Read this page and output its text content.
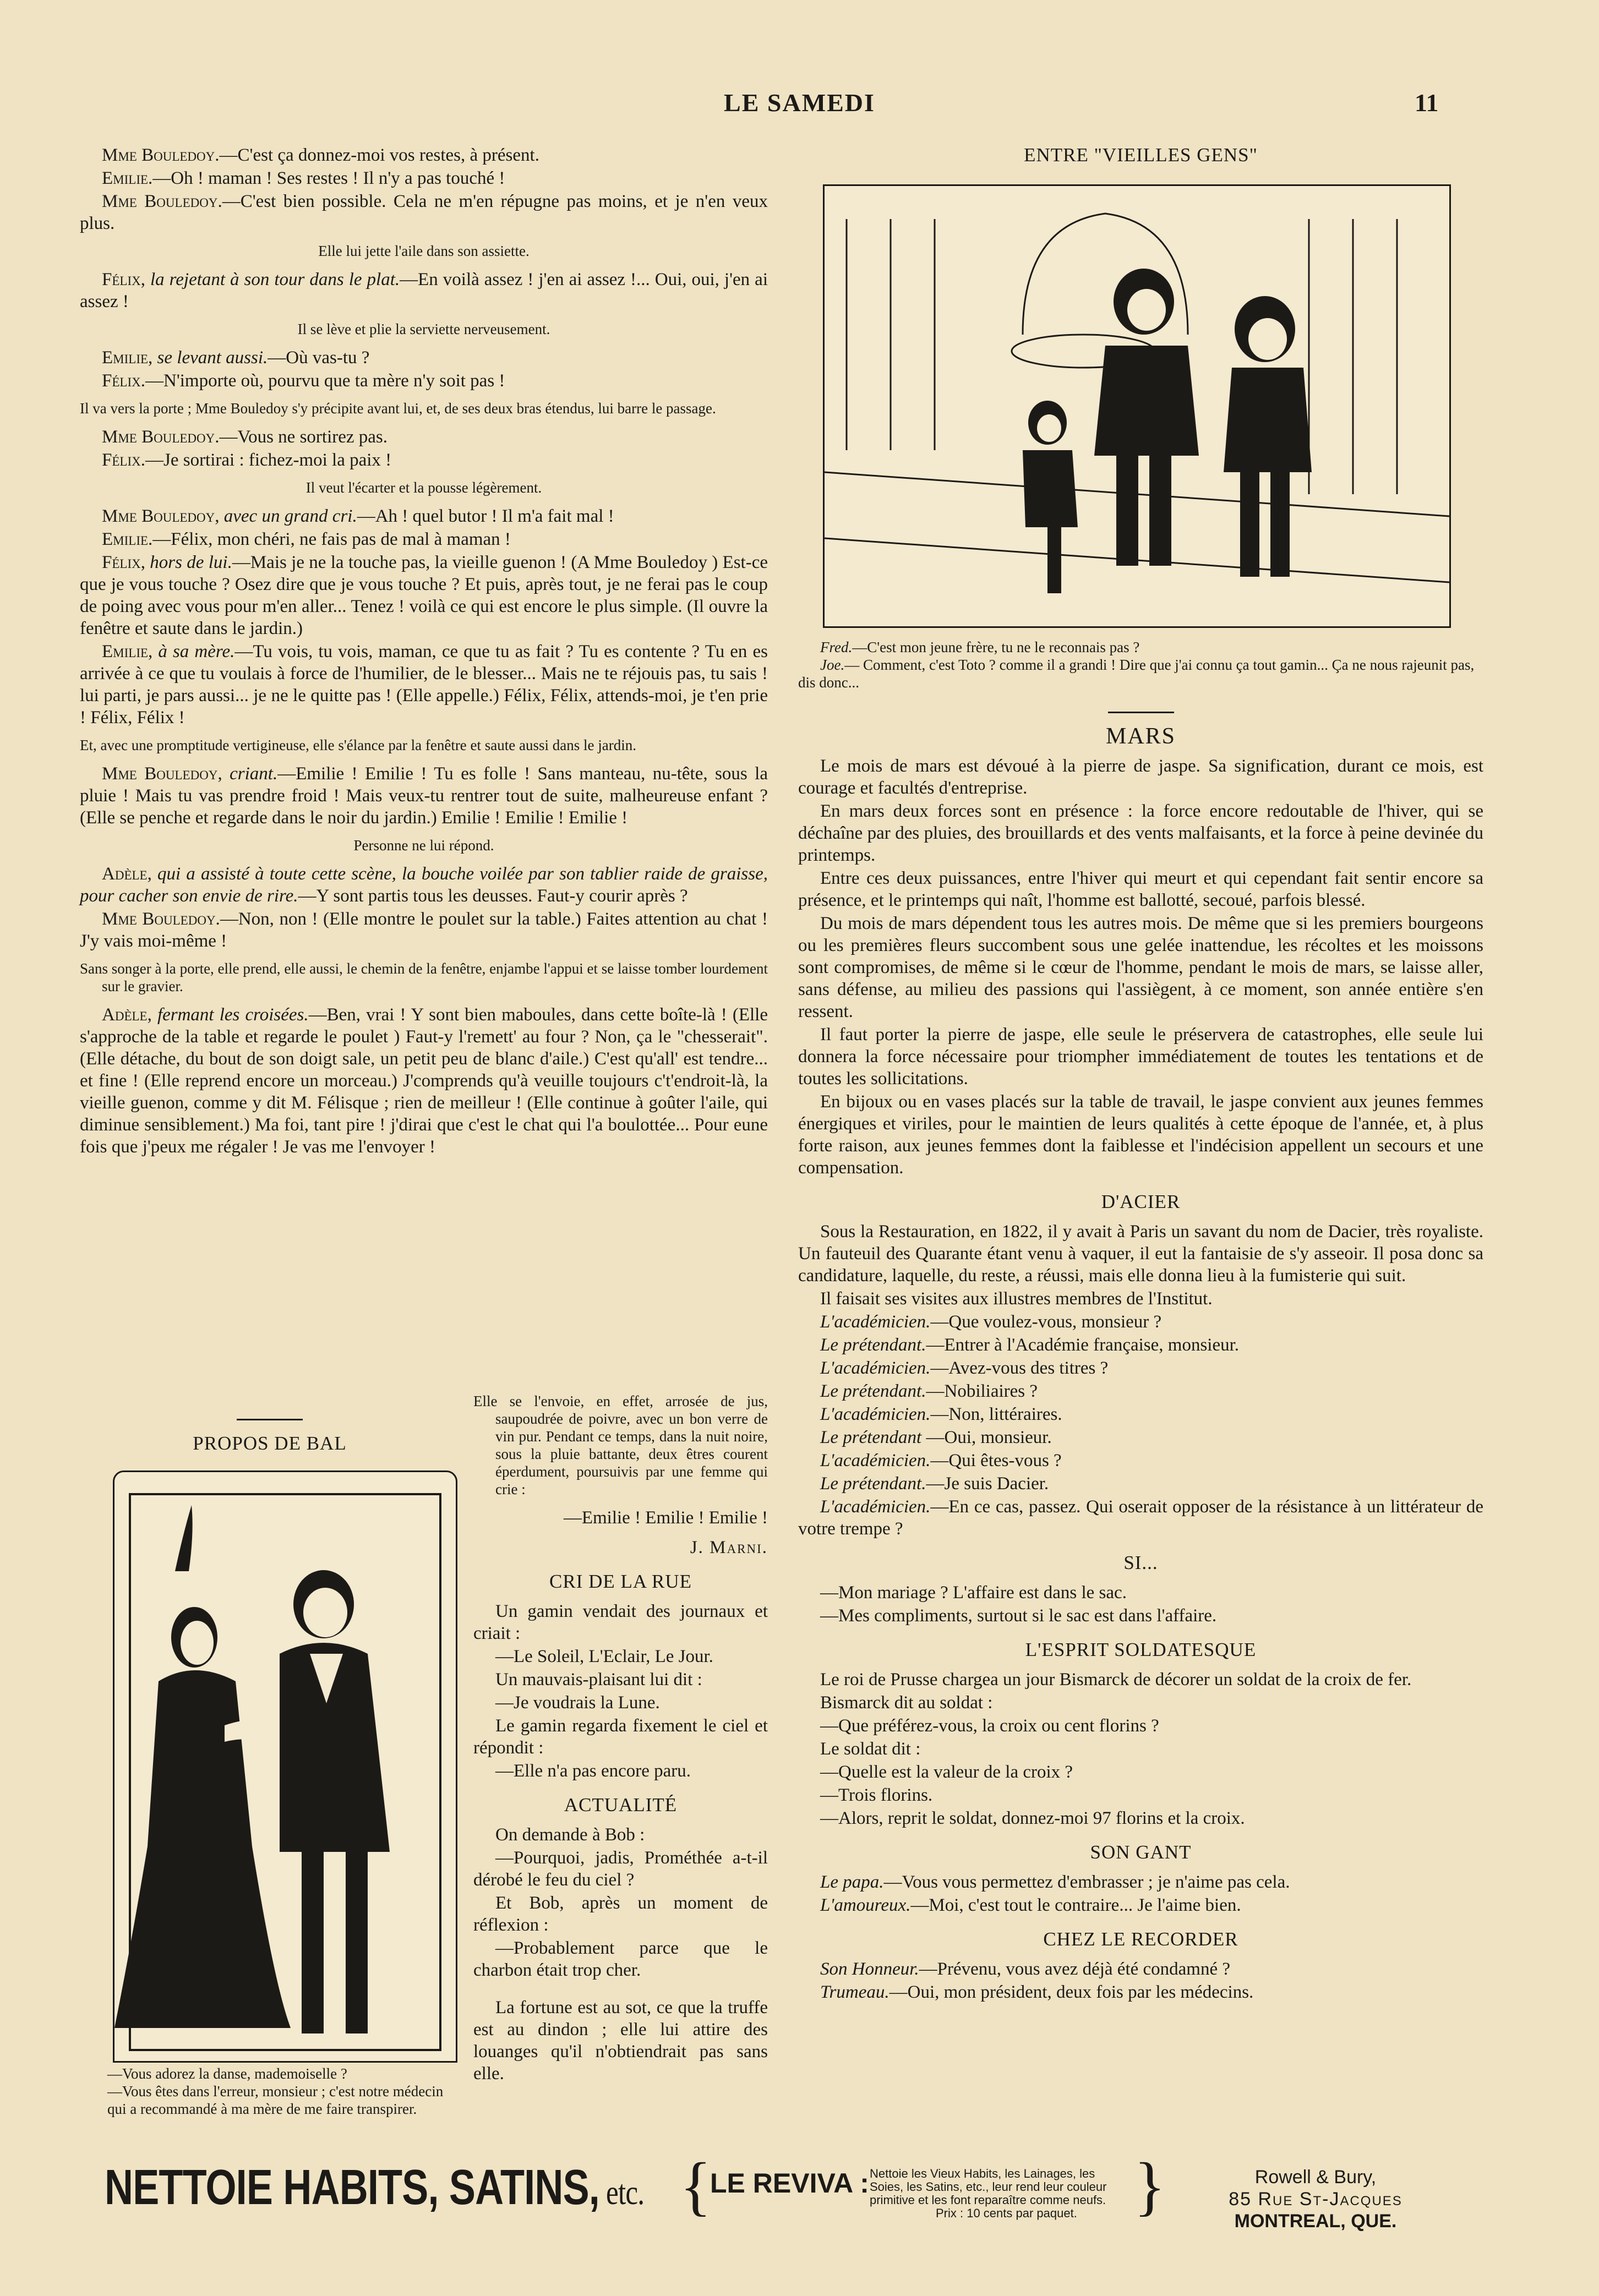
LE SAMEDI	11

Mme Bouledoy.—C'est ça donnez-moi vos restes, à présent.

Emilie.—Oh ! maman ! Ses restes ! Il n'y a pas touché !

Mme Bouledoy.—C'est bien possible. Cela ne m'en répugne pas moins, et je n'en veux plus.

Elle lui jette l'aile dans son assiette.

Félix, la rejetant à son tour dans le plat.—En voilà assez ! j'en ai assez !... Oui, oui, j'en ai assez !

Il se lève et plie la serviette nerveusement.

Emilie, se levant aussi.—Où vas-tu ?

Félix.—N'importe où, pourvu que ta mère n'y soit pas !

Il va vers la porte ; Mme Bouledoy s'y précipite avant lui, et, de ses deux bras étendus, lui barre le passage.

Mme Bouledoy.—Vous ne sortirez pas.

Félix.—Je sortirai : fichez-moi la paix !

Il veut l'écarter et la pousse légèrement.

Mme Bouledoy, avec un grand cri.—Ah ! quel butor ! Il m'a fait mal !

Emilie.—Félix, mon chéri, ne fais pas de mal à maman !

Félix, hors de lui.—Mais je ne la touche pas, la vieille guenon ! (A Mme Bouledoy ) Est-ce que je vous touche ? Osez dire que je vous touche ? Et puis, après tout, je ne ferai pas le coup de poing avec vous pour m'en aller... Tenez ! voilà ce qui est encore le plus simple. (Il ouvre la fenêtre et saute dans le jardin.)

Emilie, à sa mère.—Tu vois, tu vois, maman, ce que tu as fait ? Tu es contente ? Tu en es arrivée à ce que tu voulais à force de l'humilier, de le blesser... Mais ne te réjouis pas, tu sais ! lui parti, je pars aussi... je ne le quitte pas ! (Elle appelle.) Félix, Félix, attends-moi, je t'en prie ! Félix, Félix !

Et, avec une promptitude vertigineuse, elle s'élance par la fenêtre et saute aussi dans le jardin.

Mme Bouledoy, criant.—Emilie ! Emilie ! Tu es folle ! Sans manteau, nu-tête, sous la pluie ! Mais tu vas prendre froid ! Mais veux-tu rentrer tout de suite, malheureuse enfant ? (Elle se penche et regarde dans le noir du jardin.) Emilie ! Emilie ! Emilie !

Personne ne lui répond.

Adèle, qui a assisté à toute cette scène, la bouche voilée par son tablier raide de graisse, pour cacher son envie de rire.—Y sont partis tous les deusses. Faut-y courir après ?

Mme Bouledoy.—Non, non ! (Elle montre le poulet sur la table.) Faites attention au chat ! J'y vais moi-même !

Sans songer à la porte, elle prend, elle aussi, le chemin de la fenêtre, enjambe l'appui et se laisse tomber lourdement sur le gravier.

Adèle, fermant les croisées.—Ben, vrai ! Y sont bien maboules, dans cette boîte-là ! (Elle s'approche de la table et regarde le poulet ) Faut-y l'remett' au four ? Non, ça le "chesserait". (Elle détache, du bout de son doigt sale, un petit peu de blanc d'aile.) C'est qu'all' est tendre... et fine ! (Elle reprend encore un morceau.) J'comprends qu'à veuille toujours c't'endroit-là, la vieille guenon, comme y dit M. Félisque ; rien de meilleur ! (Elle continue à goûter l'aile, qui diminue sensiblement.) Ma foi, tant pire ! j'dirai que c'est le chat qui l'a boulottée... Pour eune fois que j'peux me régaler ! Je vas me l'envoyer !

PROPOS DE BAL

—Vous adorez la danse, mademoiselle ?
—Vous êtes dans l'erreur, monsieur ; c'est notre médecin qui a recommandé à ma mère de me faire transpirer.

Elle se l'envoie, en effet, arrosée de jus, saupoudrée de poivre, avec un bon verre de vin pur. Pendant ce temps, dans la nuit noire, sous la pluie battante, deux êtres courent éperdument, poursuivis par une femme qui crie :

—Emilie ! Emilie ! Emilie !

J. Marni.

CRI DE LA RUE

Un gamin vendait des journaux et criait :

—Le Soleil, L'Eclair, Le Jour.

Un mauvais-plaisant lui dit :

—Je voudrais la Lune.

Le gamin regarda fixement le ciel et répondit :

—Elle n'a pas encore paru.

ACTUALITÉ

On demande à Bob :

—Pourquoi, jadis, Prométhée a-t-il dérobé le feu du ciel ?

Et Bob, après un moment de réflexion :

—Probablement parce que le charbon était trop cher.

La fortune est au sot, ce que la truffe est au dindon ; elle lui attire des louanges qu'il n'obtiendrait pas sans elle.

ENTRE "VIEILLES GENS"

Fred.—C'est mon jeune frère, tu ne le reconnais pas ?
Joe.— Comment, c'est Toto ? comme il a grandi ! Dire que j'ai connu ça tout gamin... Ça ne nous rajeunit pas, dis donc...

MARS

Le mois de mars est dévoué à la pierre de jaspe. Sa signification, durant ce mois, est courage et facultés d'entreprise.

En mars deux forces sont en présence : la force encore redoutable de l'hiver, qui se déchaîne par des pluies, des brouillards et des vents malfaisants, et la force à peine devinée du printemps.

Entre ces deux puissances, entre l'hiver qui meurt et qui cependant fait sentir encore sa présence, et le printemps qui naît, l'homme est ballotté, secoué, parfois blessé.

Du mois de mars dépendent tous les autres mois. De même que si les premiers bourgeons ou les premières fleurs succombent sous une gelée inattendue, les récoltes et les moissons sont compromises, de même si le cœur de l'homme, pendant le mois de mars, se laisse aller, sans défense, au milieu des passions qui l'assiègent, à ce moment, son année entière s'en ressent.

Il faut porter la pierre de jaspe, elle seule le préservera de catastrophes, elle seule lui donnera la force nécessaire pour triompher immédiatement de toutes les tentations et de toutes les sollicitations.

En bijoux ou en vases placés sur la table de travail, le jaspe convient aux jeunes femmes énergiques et viriles, pour le maintien de leurs qualités à cette époque de l'année, et, à plus forte raison, aux jeunes femmes dont la faiblesse et l'indécision appellent un secours et une compensation.

D'ACIER

Sous la Restauration, en 1822, il y avait à Paris un savant du nom de Dacier, très royaliste. Un fauteuil des Quarante étant venu à vaquer, il eut la fantaisie de s'y asseoir. Il posa donc sa candidature, laquelle, du reste, a réussi, mais elle donna lieu à la fumisterie qui suit.

Il faisait ses visites aux illustres membres de l'Institut.

L'académicien.—Que voulez-vous, monsieur ?

Le prétendant.—Entrer à l'Académie française, monsieur.

L'académicien.—Avez-vous des titres ?

Le prétendant.—Nobiliaires ?

L'académicien.—Non, littéraires.

Le prétendant —Oui, monsieur.

L'académicien.—Qui êtes-vous ?

Le prétendant.—Je suis Dacier.

L'académicien.—En ce cas, passez. Qui oserait opposer de la résistance à un littérateur de votre trempe ?

SI...

—Mon mariage ? L'affaire est dans le sac.

—Mes compliments, surtout si le sac est dans l'affaire.

L'ESPRIT SOLDATESQUE

Le roi de Prusse chargea un jour Bismarck de décorer un soldat de la croix de fer.

Bismarck dit au soldat :

—Que préférez-vous, la croix ou cent florins ?

Le soldat dit :

—Quelle est la valeur de la croix ?

—Trois florins.

—Alors, reprit le soldat, donnez-moi 97 florins et la croix.

SON GANT

Le papa.—Vous vous permettez d'embrasser ; je n'aime pas cela.

L'amoureux.—Moi, c'est tout le contraire... Je l'aime bien.

CHEZ LE RECORDER

Son Honneur.—Prévenu, vous avez déjà été condamné ?

Trumeau.—Oui, mon président, deux fois par les médecins.

NETTOIE HABITS, SATINS, etc. {
LE REVIVA : Nettoie les Vieux Habits, les Lainages, les Soies, les Satins, etc., leur rend leur couleur primitive et les font reparaître comme neufs.
Prix : 10 cents par paquet. }	Rowell & Bury,
85 Rue St-Jacques
MONTREAL, QUE.
